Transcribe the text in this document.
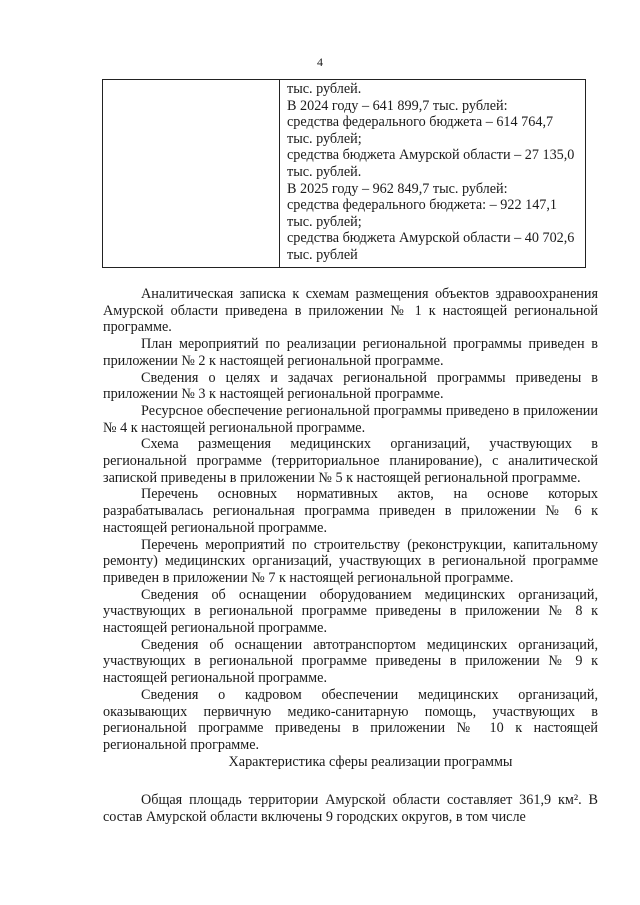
4
тыс. рублей.
В 2024 году – 641 899,7 тыс. рублей:
средства федерального бюджета – 614 764,7
тыс. рублей;
средства бюджета Амурской области – 27 135,0
тыс. рублей.
В 2025 году – 962 849,7 тыс. рублей:
средства федерального бюджета: – 922 147,1
тыс. рублей;
средства бюджета Амурской области – 40 702,6
тыс. рублей

Аналитическая записка к схемам размещения объектов здравоохранения Амурской области приведена в приложении № 1 к настоящей региональной программе.

План мероприятий по реализации региональной программы приведен в приложении № 2 к настоящей региональной программе.

Сведения о целях и задачах региональной программы приведены в приложении № 3 к настоящей региональной программе.

Ресурсное обеспечение региональной программы приведено в приложении № 4 к настоящей региональной программе.

Схема размещения медицинских организаций, участвующих в региональной программе (территориальное планирование), с аналитической запиской приведены в приложении № 5 к настоящей региональной программе.

Перечень основных нормативных актов, на основе которых разрабатывалась региональная программа приведен в приложении № 6 к настоящей региональной программе.

Перечень мероприятий по строительству (реконструкции, капитальному ремонту) медицинских организаций, участвующих в региональной программе приведен в приложении № 7 к настоящей региональной программе.

Сведения об оснащении оборудованием медицинских организаций, участвующих в региональной программе приведены в приложении № 8 к настоящей региональной программе.

Сведения об оснащении автотранспортом медицинских организаций, участвующих в региональной программе приведены в приложении № 9 к настоящей региональной программе.

Сведения о кадровом обеспечении медицинских организаций, оказывающих первичную медико-санитарную помощь, участвующих в региональной программе приведены в приложении № 10 к настоящей региональной программе.

Характеристика сферы реализации программы

Общая площадь территории Амурской области составляет 361,9 км². В состав Амурской области включены 9 городских округов, в том числе
